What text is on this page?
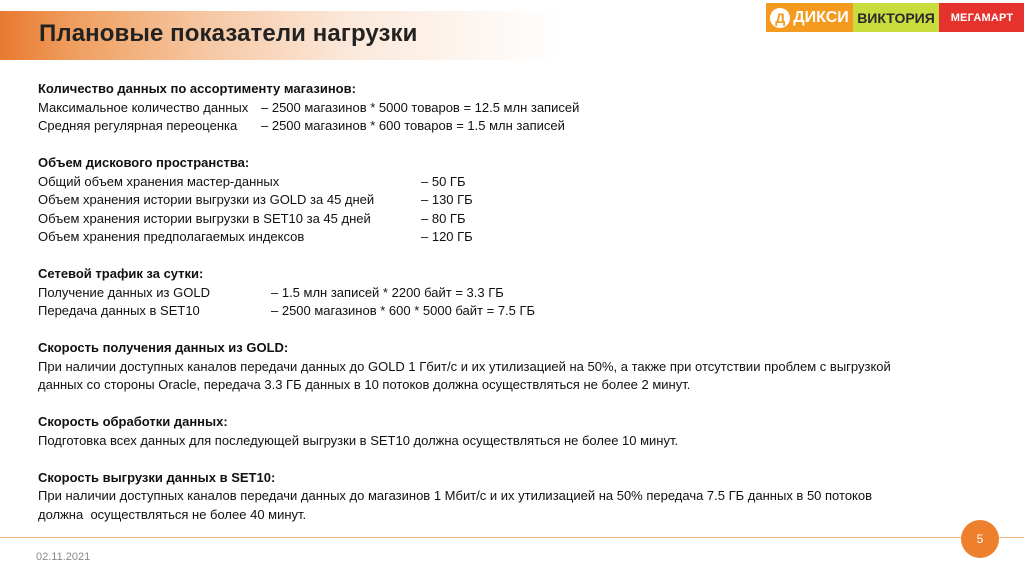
Плановые показатели нагрузки
Д ДИКСИ ВИКТОРИЯ МЕГАМАРТ
Количество данных по ассортименту магазинов:
Максимальное количество данных – 2500 магазинов * 5000 товаров = 12.5 млн записей
Средняя регулярная переоценка	– 2500 магазинов * 600 товаров = 1.5 млн записей
Объем дискового пространства:
Общий объем хранения мастер-данных	– 50 ГБ
Объем хранения истории выгрузки из GOLD за 45 дней	– 130 ГБ
Объем хранения истории выгрузки в SET10 за 45 дней	– 80 ГБ
Объем хранения предполагаемых индексов	– 120 ГБ
Сетевой трафик за сутки:
Получение данных из GOLD	– 1.5 млн записей * 2200 байт = 3.3 ГБ
Передача данных в SET10	– 2500 магазинов * 600 * 5000 байт = 7.5 ГБ
Скорость получения данных из GOLD:
При наличии доступных каналов передачи данных до GOLD 1 Гбит/с и их утилизацией на 50%, а также при отсутствии проблем с выгрузкой
данных со стороны Oracle, передача 3.3 ГБ данных в 10 потоков должна осуществляться не более 2 минут.
Скорость обработки данных:
Подготовка всех данных для последующей выгрузки в SET10 должна осуществляться не более 10 минут.
Скорость выгрузки данных в SET10:
При наличии доступных каналов передачи данных до магазинов 1 Мбит/с и их утилизацией на 50% передача 7.5 ГБ данных в 50 потоков
должна  осуществляться не более 40 минут.
5
02.11.2021
